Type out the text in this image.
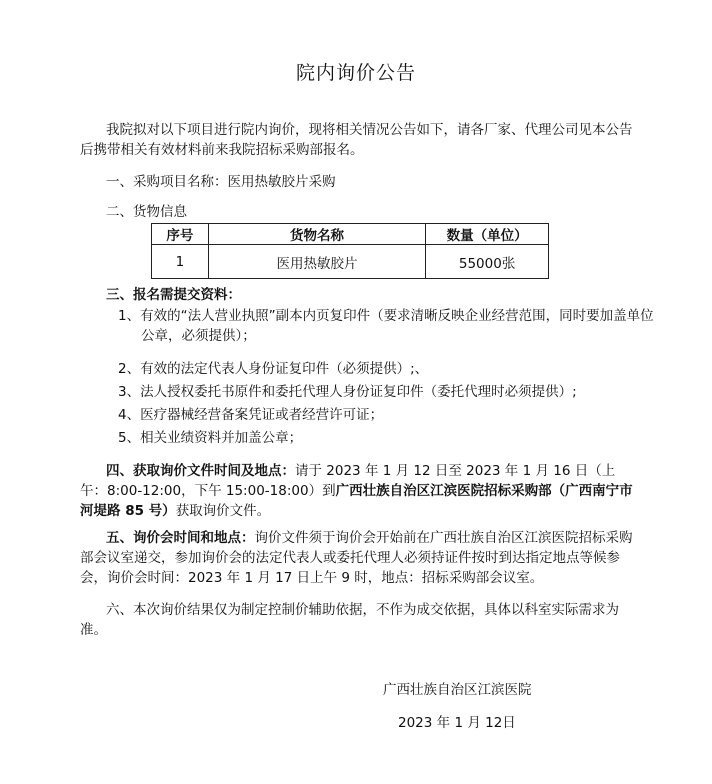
院内询价公告

我院拟对以下项目进行院内询价，现将相关情况公告如下，请各厂家、代理公司见本公告后携带相关有效材料前来我院招标采购部报名。

一、采购项目名称：医用热敏胶片采购

二、货物信息

序号	货物名称	数量（单位）
1	医用热敏胶片	55000张

三、报名需提交资料：

1、有效的“法人营业执照”副本内页复印件（要求清晰反映企业经营范围，同时要加盖单位公章，必须提供）；

2、有效的法定代表人身份证复印件（必须提供）;、

3、法人授权委托书原件和委托代理人身份证复印件（委托代理时必须提供）;

4、医疗器械经营备案凭证或者经营许可证；

5、相关业绩资料并加盖公章；

四、获取询价文件时间及地点：请于 2023 年 1 月 12 日至 2023 年 1 月 16 日（上午：8:00-12:00，下午 15:00-18:00）到广西壮族自治区江滨医院招标采购部（广西南宁市河堤路 85 号）获取询价文件。

五、询价会时间和地点：询价文件须于询价会开始前在广西壮族自治区江滨医院招标采购部会议室递交，参加询价会的法定代表人或委托代理人必须持证件按时到达指定地点等候参会，询价会时间：2023 年 1 月 17 日上午 9 时，地点：招标采购部会议室。

六、本次询价结果仅为制定控制价辅助依据，不作为成交依据，具体以科室实际需求为准。

广西壮族自治区江滨医院

2023 年 1 月 12日
